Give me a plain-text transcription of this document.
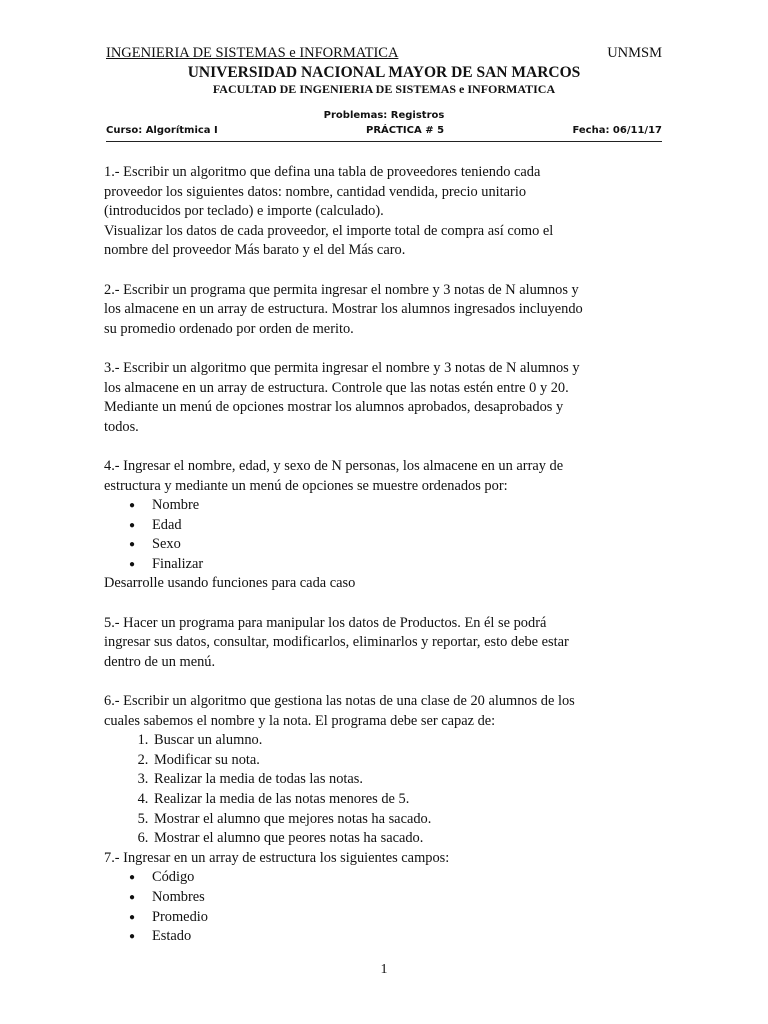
INGENIERIA DE SISTEMAS e INFORMATICA	UNMSM
UNIVERSIDAD NACIONAL MAYOR DE SAN MARCOS
FACULTAD DE INGENIERIA DE SISTEMAS e INFORMATICA
Problemas: Registros
Curso: Algorítmica I	PRÁCTICA # 5	Fecha: 06/11/17

1.- Escribir un algoritmo que defina una tabla de proveedores teniendo cada
proveedor los siguientes datos: nombre, cantidad vendida, precio unitario
(introducidos por teclado) e importe (calculado).
Visualizar los datos de cada proveedor, el importe total de compra así como el
nombre del proveedor Más barato y el del Más caro.

2.- Escribir un programa que permita ingresar el nombre y 3 notas de N alumnos y
los almacene en un array de estructura. Mostrar los alumnos ingresados incluyendo
su promedio ordenado por orden de merito.

3.- Escribir un algoritmo que permita ingresar el nombre y 3 notas de N alumnos y
los almacene en un array de estructura. Controle que las notas estén entre 0 y 20.
Mediante un menú de opciones mostrar los alumnos aprobados, desaprobados y
todos.

4.- Ingresar el nombre, edad, y sexo de N personas, los almacene en un array de
estructura y mediante un menú de opciones se muestre ordenados por:
● Nombre
● Edad
● Sexo
● Finalizar
Desarrolle usando funciones para cada caso

5.- Hacer un programa para manipular los datos de Productos. En él se podrá
ingresar sus datos, consultar, modificarlos, eliminarlos y reportar, esto debe estar
dentro de un menú.

6.- Escribir un algoritmo que gestiona las notas de una clase de 20 alumnos de los
cuales sabemos el nombre y la nota. El programa debe ser capaz de:
1. Buscar un alumno.
2. Modificar su nota.
3. Realizar la media de todas las notas.
4. Realizar la media de las notas menores de 5.
5. Mostrar el alumno que mejores notas ha sacado.
6. Mostrar el alumno que peores notas ha sacado.
7.- Ingresar en un array de estructura los siguientes campos:
● Código
● Nombres
● Promedio
● Estado
1
